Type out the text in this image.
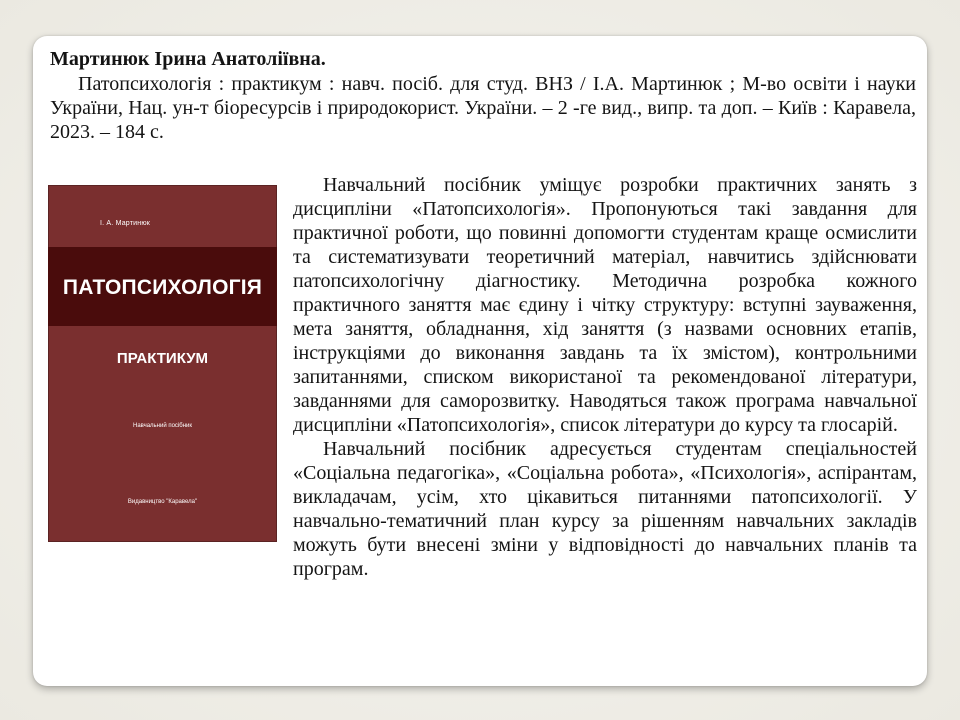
Мартинюк Ірина Анатоліївна.

Патопсихологія : практикум : навч. посіб. для студ. ВНЗ / І.А. Мартинюк ; М-во освіти і науки України, Нац. ун-т біоресурсів і природокорист. України. – 2 -ге вид., випр. та доп. – Київ : Каравела, 2023. – 184 с.

І. А. Мартинюк
ПАТОПСИХОЛОГІЯ
ПРАКТИКУМ
Навчальний посібник
Видавництво "Каравела"

Навчальний посібник уміщує розробки практичних занять з дисципліни «Патопсихологія». Пропонуються такі завдання для практичної роботи, що повинні допомогти студентам краще осмислити та систематизувати теоретичний матеріал, навчитись здійснювати патопсихологічну діагностику. Методична розробка кожного практичного заняття має єдину і чітку структуру: вступні зауваження, мета заняття, обладнання, хід заняття (з назвами основних етапів, інструкціями до виконання завдань та їх змістом), контрольними запитаннями, списком використаної та рекомендованої літератури, завданнями для саморозвитку. Наводяться також програма навчальної дисципліни «Патопсихологія», список літератури до курсу та глосарій.

Навчальний посібник адресується студентам спеціальностей «Соціальна педагогіка», «Соціальна робота», «Психологія», аспірантам, викладачам, усім, хто цікавиться питаннями патопсихології. У навчально-тематичний план курсу за рішенням навчальних закладів можуть бути внесені зміни у відповідності до навчальних планів та програм.
